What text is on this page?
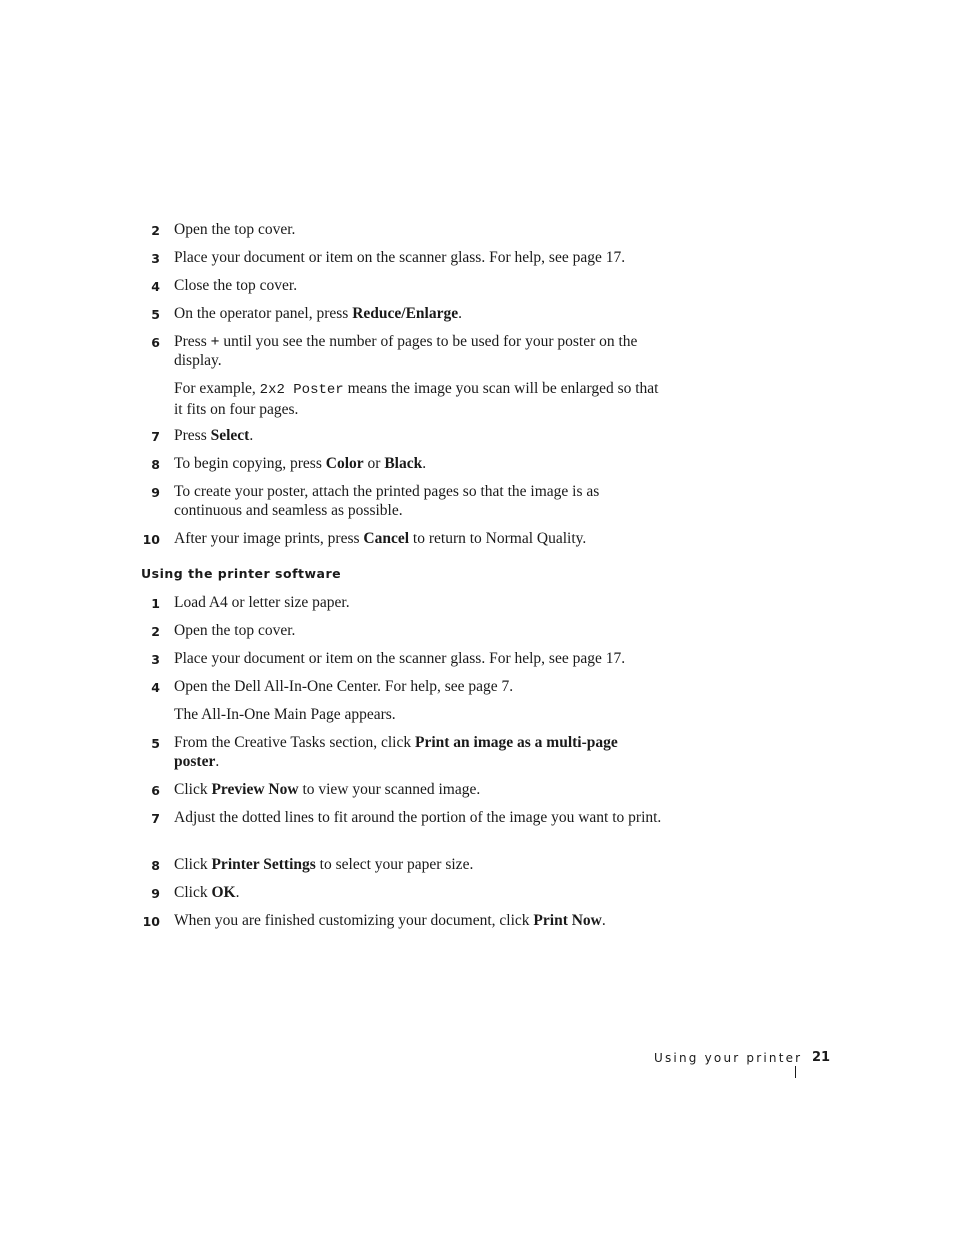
2 Open the top cover.
3 Place your document or item on the scanner glass. For help, see page 17.
4 Close the top cover.
5 On the operator panel, press Reduce/Enlarge.
6 Press + until you see the number of pages to be used for your poster on the display.
For example, 2x2 Poster means the image you scan will be enlarged so that it fits on four pages.
7 Press Select.
8 To begin copying, press Color or Black.
9 To create your poster, attach the printed pages so that the image is as continuous and seamless as possible.
10 After your image prints, press Cancel to return to Normal Quality.
Using the printer software
1 Load A4 or letter size paper.
2 Open the top cover.
3 Place your document or item on the scanner glass. For help, see page 17.
4 Open the Dell All-In-One Center. For help, see page 7.
The All-In-One Main Page appears.
5 From the Creative Tasks section, click Print an image as a multi-page poster.
6 Click Preview Now to view your scanned image.
7 Adjust the dotted lines to fit around the portion of the image you want to print.
8 Click Printer Settings to select your paper size.
9 Click OK.
10 When you are finished customizing your document, click Print Now.
Using your printer 21
